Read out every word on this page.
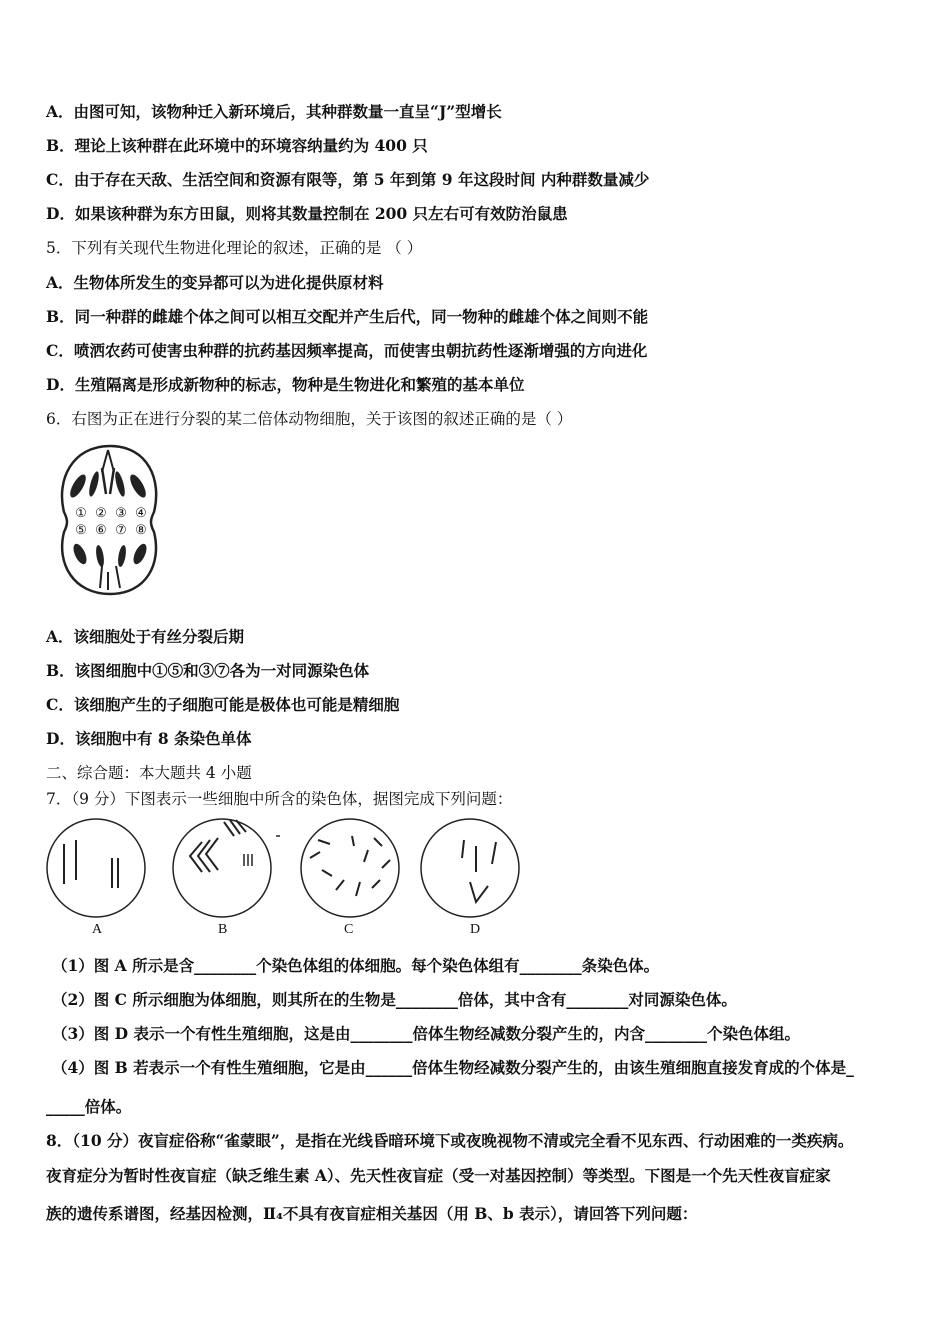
A．由图可知，该物种迁入新环境后，其种群数量一直呈“J”型增长
B．理论上该种群在此环境中的环境容纳量约为 400 只
C．由于存在天敌、生活空间和资源有限等，第 5 年到第 9 年这段时间 内种群数量减少
D．如果该种群为东方田鼠，则将其数量控制在 200 只左右可有效防治鼠患
5．下列有关现代生物进化理论的叙述，正确的是 （ ）
A．生物体所发生的变异都可以为进化提供原材料
B．同一种群的雌雄个体之间可以相互交配并产生后代，同一物种的雌雄个体之间则不能
C．喷洒农药可使害虫种群的抗药基因频率提高，而使害虫朝抗药性逐渐增强的方向进化
D．生殖隔离是形成新物种的标志，物种是生物进化和繁殖的基本单位
6．右图为正在进行分裂的某二倍体动物细胞，关于该图的叙述正确的是（ ）
① ② ③ ④
⑤ ⑥ ⑦ ⑧
A．该细胞处于有丝分裂后期
B．该图细胞中①⑤和③⑦各为一对同源染色体
C．该细胞产生的子细胞可能是极体也可能是精细胞
D．该细胞中有 8 条染色单体
二、综合题：本大题共 4 小题
7．（9 分）下图表示一些细胞中所含的染色体，据图完成下列问题：
A	B	C	D
（1）图 A 所示是含________个染色体组的体细胞。每个染色体组有________条染色体。
（2）图 C 所示细胞为体细胞，则其所在的生物是________倍体，其中含有________对同源染色体。
（3）图 D 表示一个有性生殖细胞，这是由________倍体生物经减数分裂产生的，内含________个染色体组。
（4）图 B 若表示一个有性生殖细胞，它是由______倍体生物经减数分裂产生的，由该生殖细胞直接发育成的个体是_
_____倍体。
8．（10 分）夜盲症俗称“雀蒙眼”，是指在光线昏暗环境下或夜晚视物不清或完全看不见东西、行动困难的一类疾病。
夜育症分为暂时性夜盲症（缺乏维生素 A）、先天性夜盲症（受一对基因控制）等类型。下图是一个先天性夜盲症家
族的遗传系谱图，经基因检测，Ⅱ₄不具有夜盲症相关基因（用 B、b 表示），请回答下列问题：
